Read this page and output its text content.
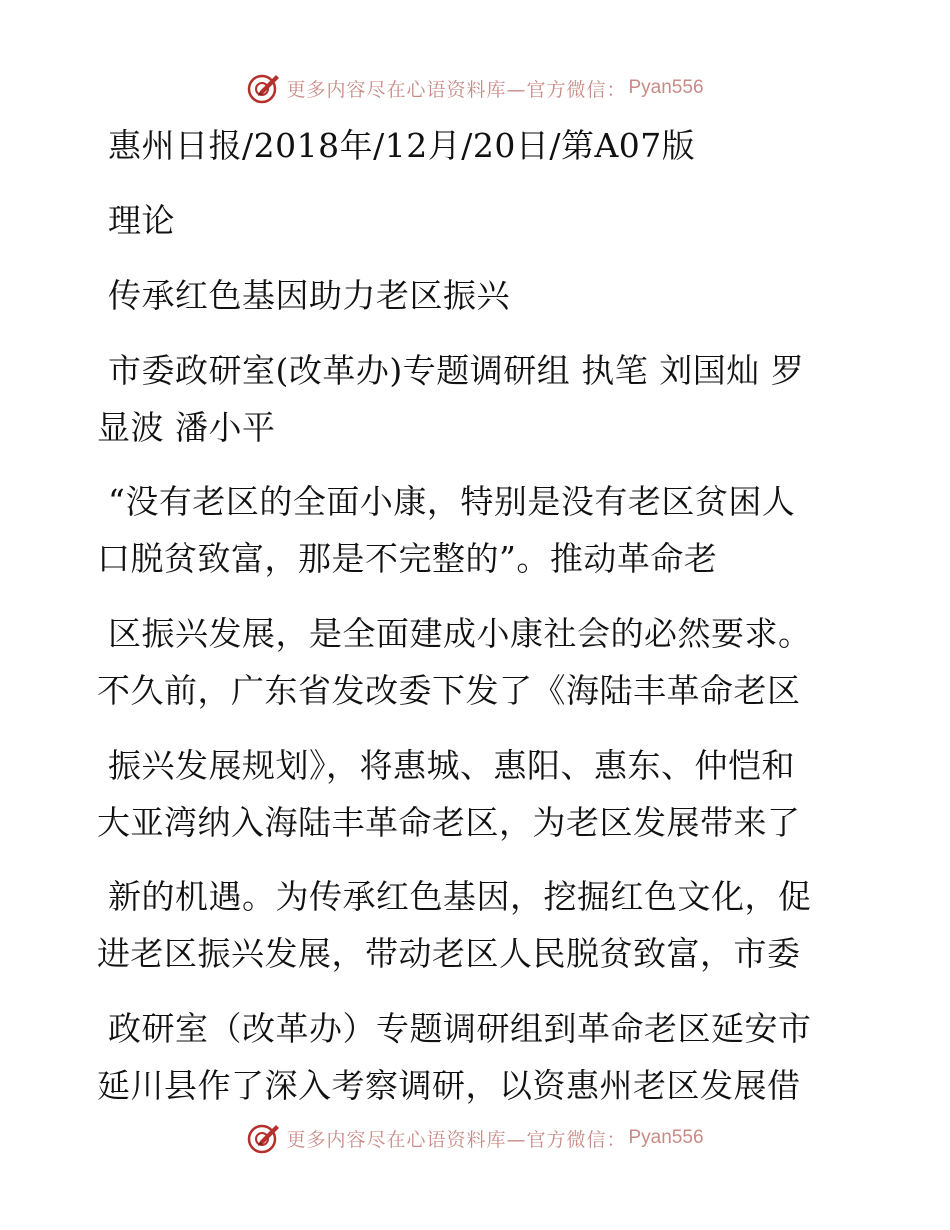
更多内容尽在心语资料库—官方微信： Pyan556
惠州日报/2018年/12月/20日/第A07版
理论
传承红色基因助力老区振兴
市委政研室(改革办)专题调研组 执笔 刘国灿 罗
显波 潘小平
“没有老区的全面小康，特别是没有老区贫困人
口脱贫致富，那是不完整的”。推动革命老
区振兴发展，是全面建成小康社会的必然要求。
不久前，广东省发改委下发了《海陆丰革命老区
振兴发展规划》，将惠城、惠阳、惠东、仲恺和
大亚湾纳入海陆丰革命老区，为老区发展带来了
新的机遇。为传承红色基因，挖掘红色文化，促
进老区振兴发展，带动老区人民脱贫致富，市委
政研室（改革办）专题调研组到革命老区延安市
延川县作了深入考察调研，以资惠州老区发展借
更多内容尽在心语资料库—官方微信： Pyan556
